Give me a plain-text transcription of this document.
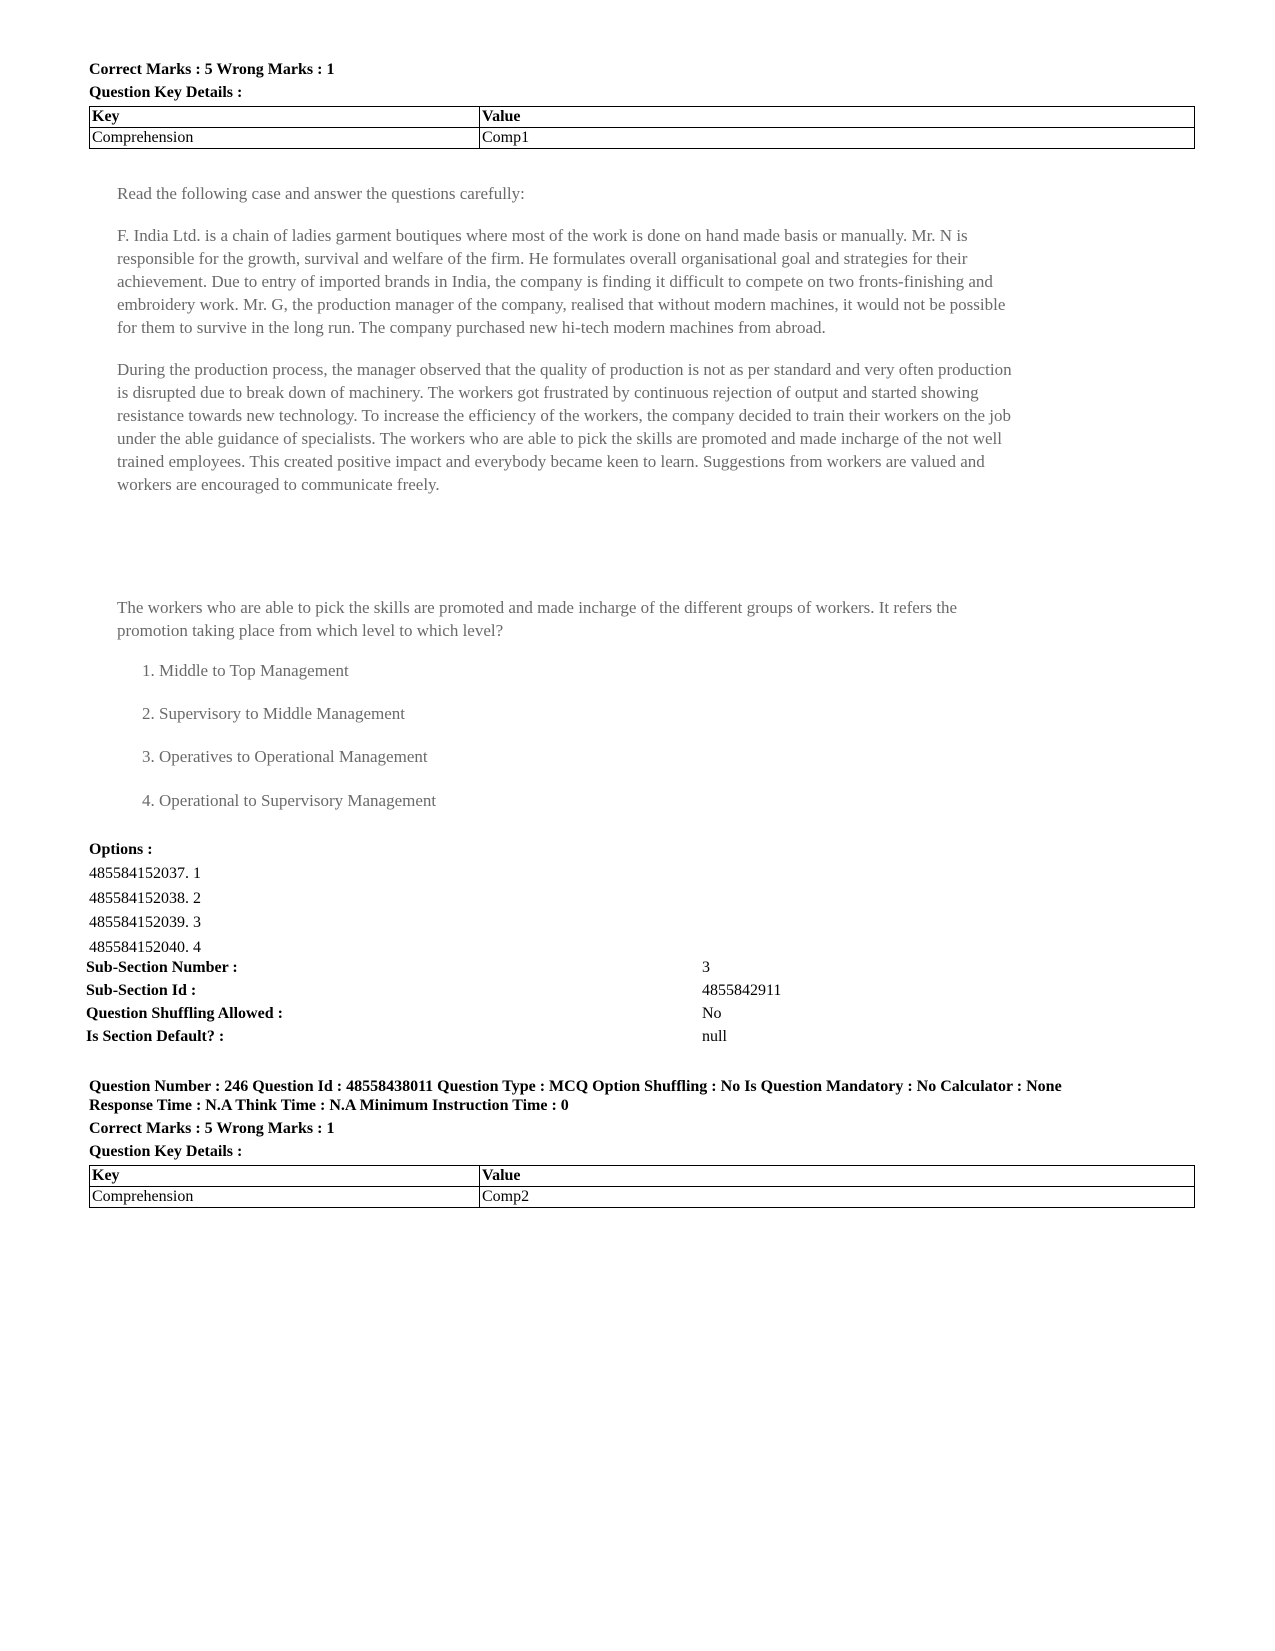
Correct Marks : 5 Wrong Marks : 1
Question Key Details :
Key	Value
Comprehension	Comp1

Read the following case and answer the questions carefully:

F. India Ltd. is a chain of ladies garment boutiques where most of the work is done on hand made basis or manually. Mr. N is responsible for the growth, survival and welfare of the firm. He formulates overall organisational goal and strategies for their achievement. Due to entry of imported brands in India, the company is finding it difficult to compete on two fronts-finishing and embroidery work. Mr. G, the production manager of the company, realised that without modern machines, it would not be possible for them to survive in the long run. The company purchased new hi-tech modern machines from abroad.

During the production process, the manager observed that the quality of production is not as per standard and very often production is disrupted due to break down of machinery. The workers got frustrated by continuous rejection of output and started showing resistance towards new technology. To increase the efficiency of the workers, the company decided to train their workers on the job under the able guidance of specialists. The workers who are able to pick the skills are promoted and made incharge of the not well trained employees. This created positive impact and everybody became keen to learn. Suggestions from workers are valued and workers are encouraged to communicate freely.

The workers who are able to pick the skills are promoted and made incharge of the different groups of workers. It refers the promotion taking place from which level to which level?
1. Middle to Top Management
2. Supervisory to Middle Management
3. Operatives to Operational Management
4. Operational to Supervisory Management
Options :
485584152037. 1
485584152038. 2
485584152039. 3
485584152040. 4
Sub-Section Number :	3
Sub-Section Id :	4855842911
Question Shuffling Allowed :	No
Is Section Default? :	null
Question Number : 246 Question Id : 48558438011 Question Type : MCQ Option Shuffling : No Is Question Mandatory : No Calculator : None
Response Time : N.A Think Time : N.A Minimum Instruction Time : 0
Correct Marks : 5 Wrong Marks : 1
Question Key Details :
Key	Value
Comprehension	Comp2
